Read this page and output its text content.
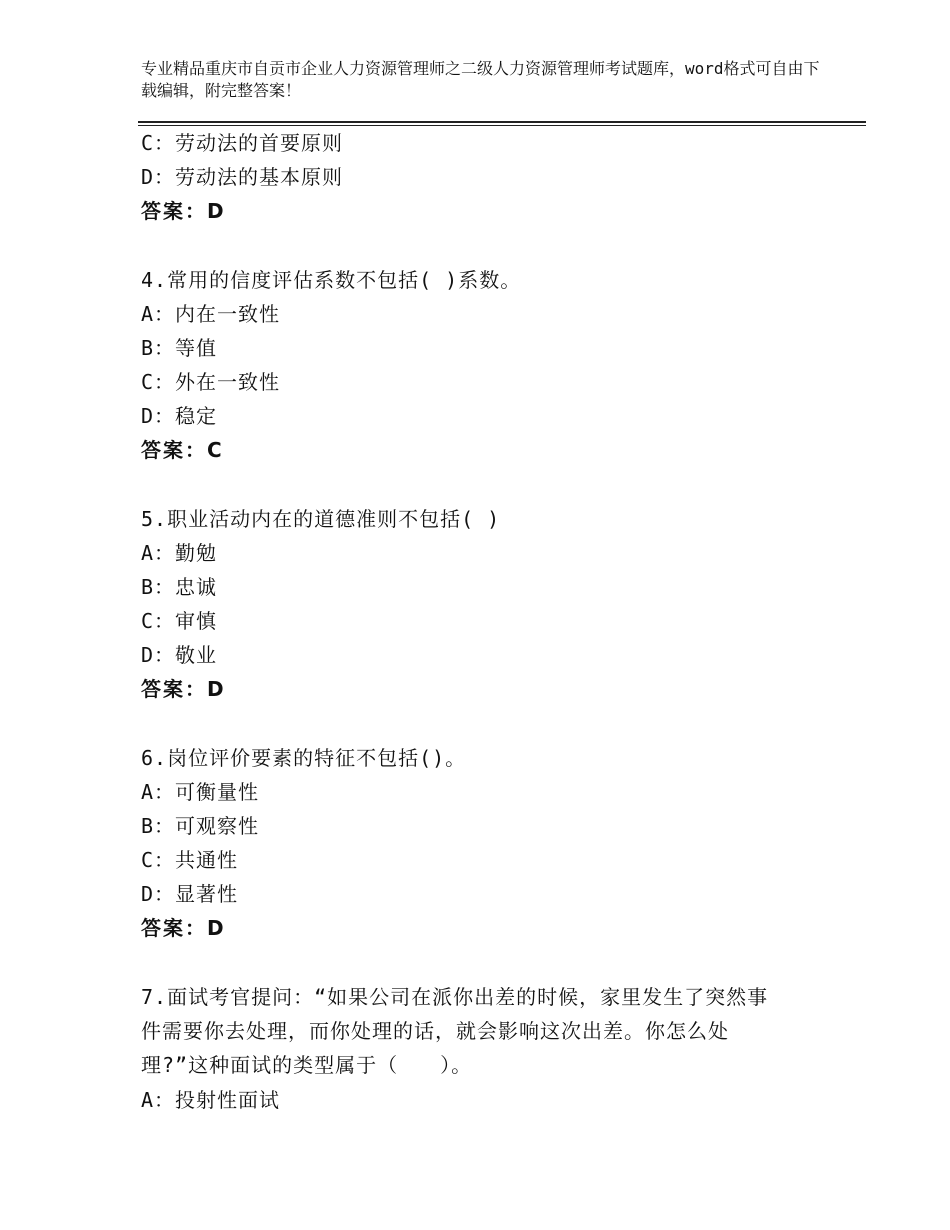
专业精品重庆市自贡市企业人力资源管理师之二级人力资源管理师考试题库，word格式可自由下载编辑，附完整答案！
C：劳动法的首要原则
D：劳动法的基本原则
答案：D
4.常用的信度评估系数不包括( )系数。
A：内在一致性
B：等值
C：外在一致性
D：稳定
答案：C
5.职业活动内在的道德准则不包括( )
A：勤勉
B：忠诚
C：审慎
D：敬业
答案：D
6.岗位评价要素的特征不包括()。
A：可衡量性
B：可观察性
C：共通性
D：显著性
答案：D
7.面试考官提问：“如果公司在派你出差的时候，家里发生了突然事
件需要你去处理，而你处理的话，就会影响这次出差。你怎么处
理?”这种面试的类型属于（　　）。
A：投射性面试
